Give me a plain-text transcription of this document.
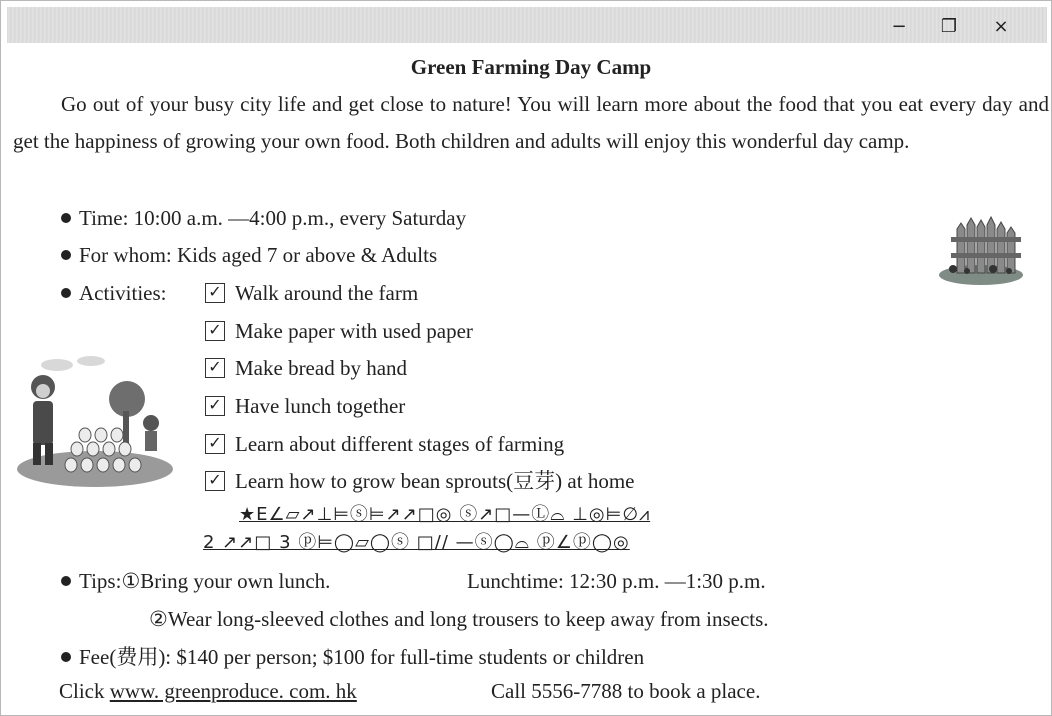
−	❐	×
Green Farming Day Camp

Go out of your busy city life and get close to nature! You will learn more about the food that you eat every day and get the happiness of growing your own food. Both children and adults will enjoy this wonderful day camp.

Time: 10:00 a.m. —4:00 p.m., every Saturday
For whom: Kids aged 7 or above & Adults
Activities:	✓ Walk around the farm
✓ Make paper with used paper
✓ Make bread by hand
✓ Have lunch together
✓ Learn about different stages of farming
✓ Learn how to grow bean sprouts(豆芽) at home
★E∠▱↗⊥⊨ⓢ⊨↗↗□◎ ⓢ↗□—Ⓛ⌓ ⊥◎⊨∅⩘
2 ↗↗□ 3 ⓟ⊨◯▱◯ⓢ □// —ⓢ◯⌓ ⓟ∠ⓟ◯◎
Tips:①Bring your own lunch.	Lunchtime: 12:30 p.m. —1:30 p.m.
②Wear long-sleeved clothes and long trousers to keep away from insects.
Fee(费用): $140 per person; $100 for full-time students or children
Click www. greenproduce. com. hk	Call 5556-7788 to book a place.
